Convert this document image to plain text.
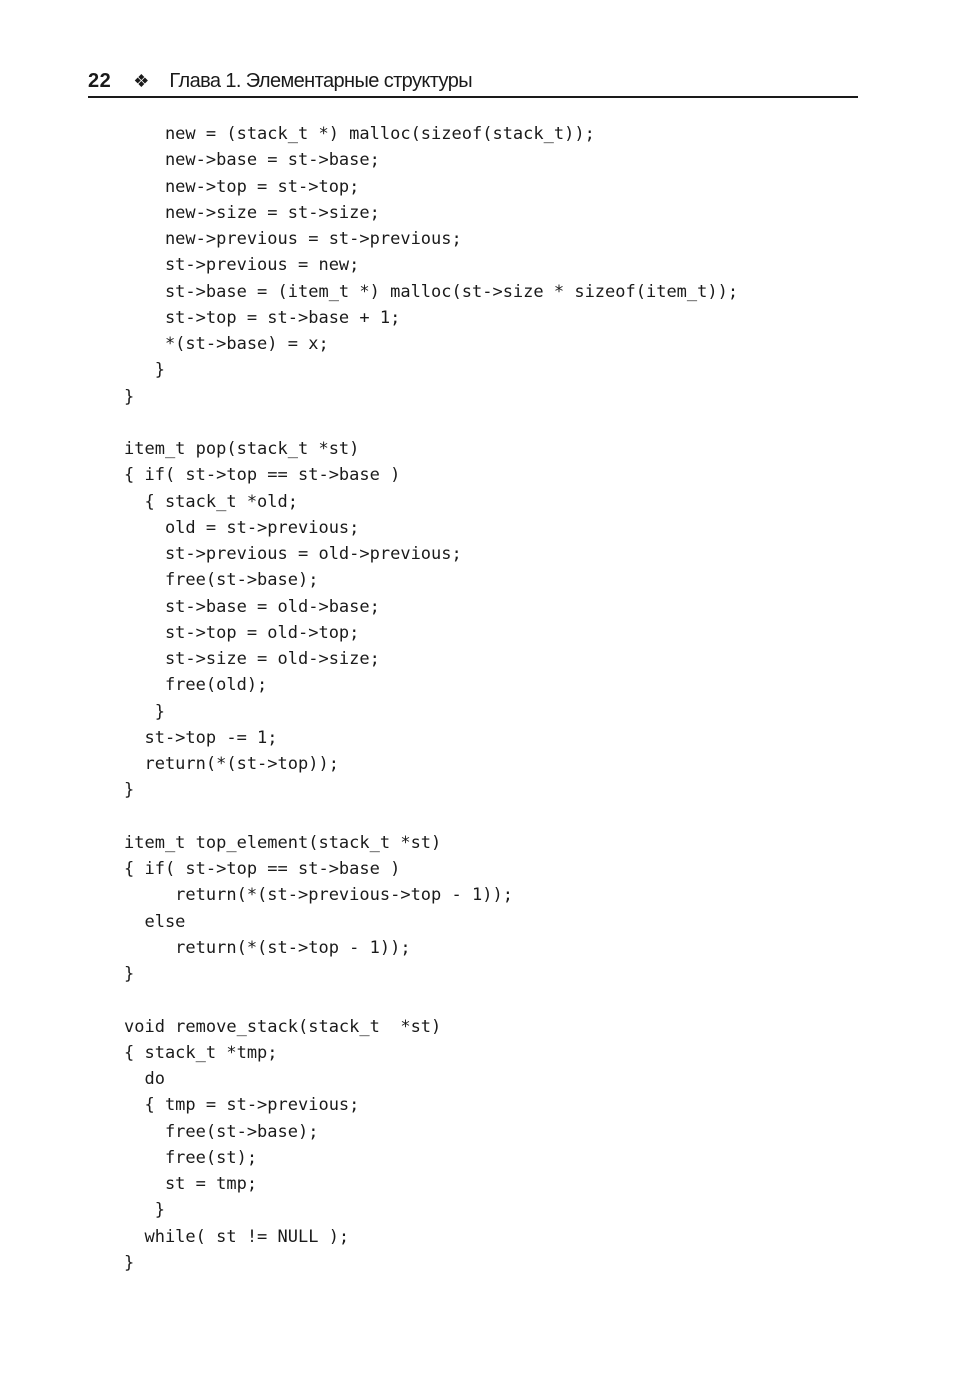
22 ❖ Глава 1. Элементарные структуры
new = (stack_t *) malloc(sizeof(stack_t));
new->base = st->base;
new->top = st->top;
new->size = st->size;
new->previous = st->previous;
st->previous = new;
st->base = (item_t *) malloc(st->size * sizeof(item_t));
st->top = st->base + 1;
*(st->base) = x;
}
}
item_t pop(stack_t *st)
{ if( st->top == st->base )
{ stack_t *old;
old = st->previous;
st->previous = old->previous;
free(st->base);
st->base = old->base;
st->top = old->top;
st->size = old->size;
free(old);
}
st->top -= 1;
return(*(st->top));
}
item_t top_element(stack_t *st)
{ if( st->top == st->base )
return(*(st->previous->top - 1));
else
return(*(st->top - 1));
}
void remove_stack(stack_t  *st)
{ stack_t *tmp;
do
{ tmp = st->previous;
free(st->base);
free(st);
st = tmp;
}
while( st != NULL );
}
